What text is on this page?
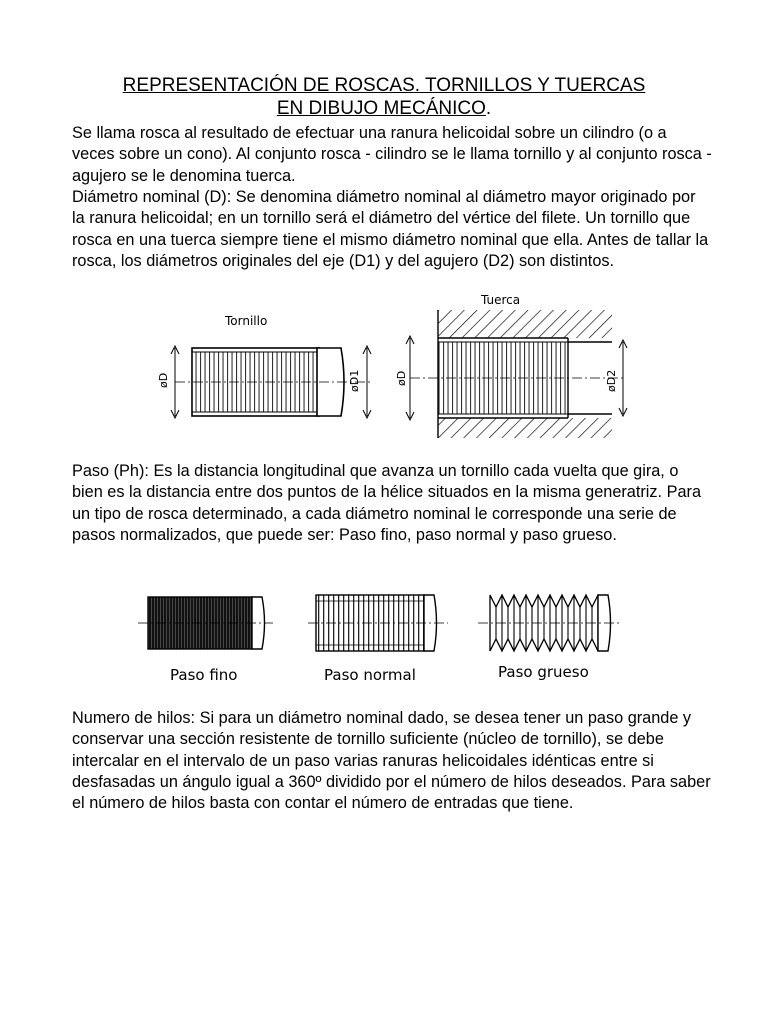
REPRESENTACIÓN DE ROSCAS. TORNILLOS Y TUERCAS
EN DIBUJO MECÁNICO.

Se llama rosca al resultado de efectuar una ranura helicoidal sobre un cilindro (o a veces sobre un cono). Al conjunto rosca - cilindro se le llama tornillo y al conjunto rosca - agujero se le denomina tuerca.

Diámetro nominal (D): Se denomina diámetro nominal al diámetro mayor originado por la ranura helicoidal; en un tornillo será el diámetro del vértice del filete. Un tornillo que rosca en una tuerca siempre tiene el mismo diámetro nominal que ella. Antes de tallar la rosca, los diámetros originales del eje (D1) y del agujero (D2) son distintos.

Tornillo
øD	øD1
Tuerca
øD	øD2

Paso (Ph): Es la distancia longitudinal que avanza un tornillo cada vuelta que gira, o bien es la distancia entre dos puntos de la hélice situados en la misma generatriz. Para un tipo de rosca determinado, a cada diámetro nominal le corresponde una serie de pasos normalizados, que puede ser: Paso fino, paso normal y paso grueso.

Paso fino	Paso normal	Paso grueso

Numero de hilos: Si para un diámetro nominal dado, se desea tener un paso grande y conservar una sección resistente de tornillo suficiente (núcleo de tornillo), se debe intercalar en el intervalo de un paso varias ranuras helicoidales idénticas entre si desfasadas un ángulo igual a 360º dividido por el número de hilos deseados. Para saber el número de hilos basta con contar el número de entradas que tiene.
